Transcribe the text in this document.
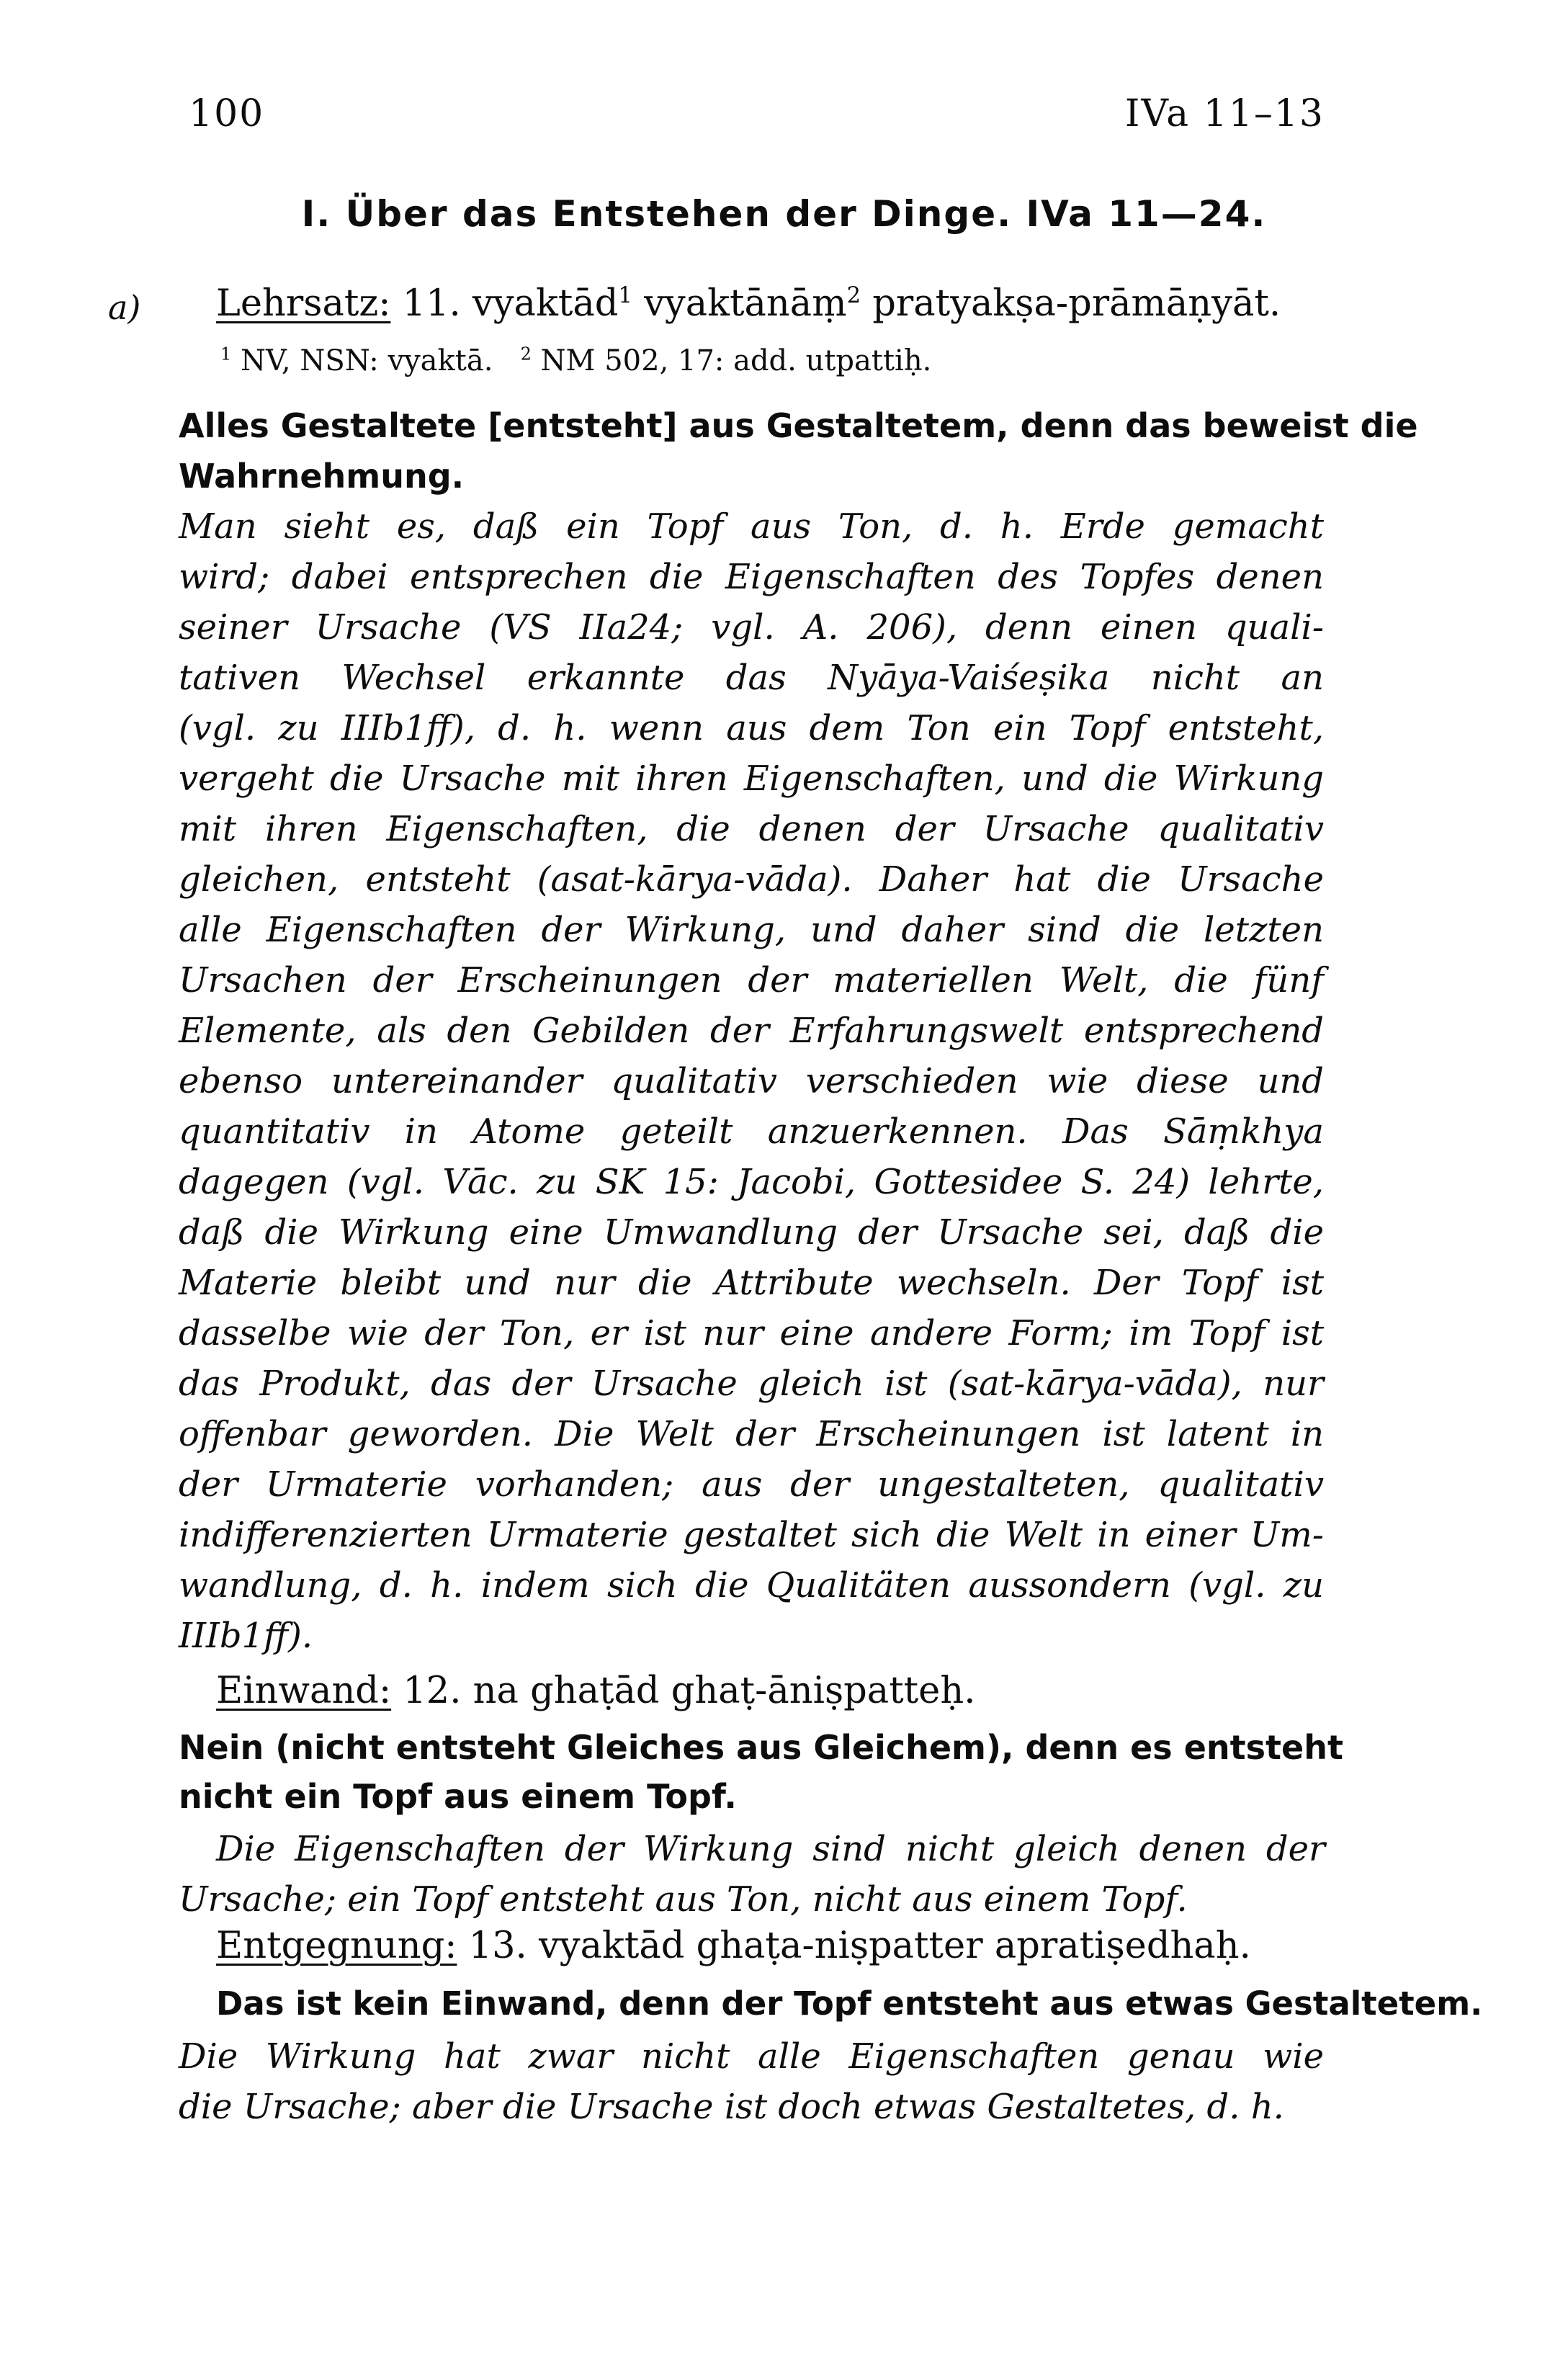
100	IVa 11–13
I. Über das Entstehen der Dinge. IVa 11—24.
a) Lehrsatz: 11. vyaktād$^1$ vyaktānāṃ$^2$ pratyakṣa-prāmāṇyāt.
$^1$ NV, NSN: vyaktā. $^2$ NM 502, 17: add. utpattiḥ.
Alles Gestaltete [entsteht] aus Gestaltetem, denn das beweist die
Wahrnehmung.
Man sieht es, daß ein Topf aus Ton, d. h. Erde gemacht
wird; dabei entsprechen die Eigenschaften des Topfes denen
seiner Ursache (VS IIa24; vgl. A. 206), denn einen quali-
tativen Wechsel erkannte das Nyāya-Vaiśeṣika nicht an
(vgl. zu IIIb1ff), d. h. wenn aus dem Ton ein Topf entsteht,
vergeht die Ursache mit ihren Eigenschaften, und die Wirkung
mit ihren Eigenschaften, die denen der Ursache qualitativ
gleichen, entsteht (asat-kārya-vāda). Daher hat die Ursache
alle Eigenschaften der Wirkung, und daher sind die letzten
Ursachen der Erscheinungen der materiellen Welt, die fünf
Elemente, als den Gebilden der Erfahrungswelt entsprechend
ebenso untereinander qualitativ verschieden wie diese und
quantitativ in Atome geteilt anzuerkennen. Das Sāṃkhya
dagegen (vgl. Vāc. zu SK 15: Jacobi, Gottesidee S. 24) lehrte,
daß die Wirkung eine Umwandlung der Ursache sei, daß die
Materie bleibt und nur die Attribute wechseln. Der Topf ist
dasselbe wie der Ton, er ist nur eine andere Form; im Topf ist
das Produkt, das der Ursache gleich ist (sat-kārya-vāda), nur
offenbar geworden. Die Welt der Erscheinungen ist latent in
der Urmaterie vorhanden; aus der ungestalteten, qualitativ
indifferenzierten Urmaterie gestaltet sich die Welt in einer Um-
wandlung, d. h. indem sich die Qualitäten aussondern (vgl. zu
IIIb1ff).
Einwand: 12. na ghaṭād ghaṭ-āniṣpatteḥ.
Nein (nicht entsteht Gleiches aus Gleichem), denn es entsteht
nicht ein Topf aus einem Topf.
Die Eigenschaften der Wirkung sind nicht gleich denen der
Ursache; ein Topf entsteht aus Ton, nicht aus einem Topf.
Entgegnung: 13. vyaktād ghaṭa-niṣpatter apratiṣedhaḥ.
Das ist kein Einwand, denn der Topf entsteht aus etwas Gestaltetem.
Die Wirkung hat zwar nicht alle Eigenschaften genau wie
die Ursache; aber die Ursache ist doch etwas Gestaltetes, d. h.
